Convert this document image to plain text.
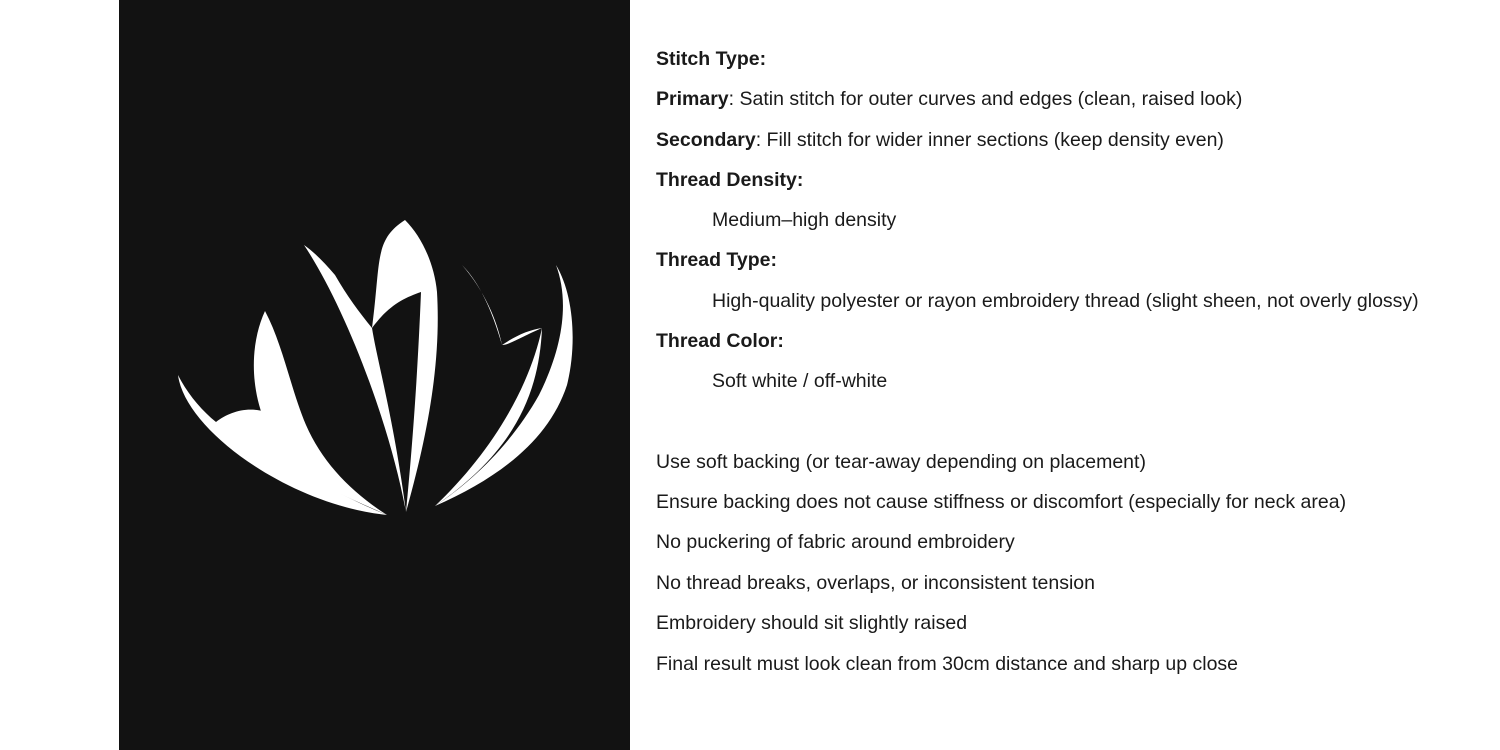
Stitch Type:
Primary: Satin stitch for outer curves and edges (clean, raised look)
Secondary: Fill stitch for wider inner sections (keep density even)
Thread Density:
Medium–high density
Thread Type:
High-quality polyester or rayon embroidery thread (slight sheen, not overly glossy)
Thread Color:
Soft white / off-white
Use soft backing (or tear-away depending on placement)
Ensure backing does not cause stiffness or discomfort (especially for neck area)
No puckering of fabric around embroidery
No thread breaks, overlaps, or inconsistent tension
Embroidery should sit slightly raised
Final result must look clean from 30cm distance and sharp up close
